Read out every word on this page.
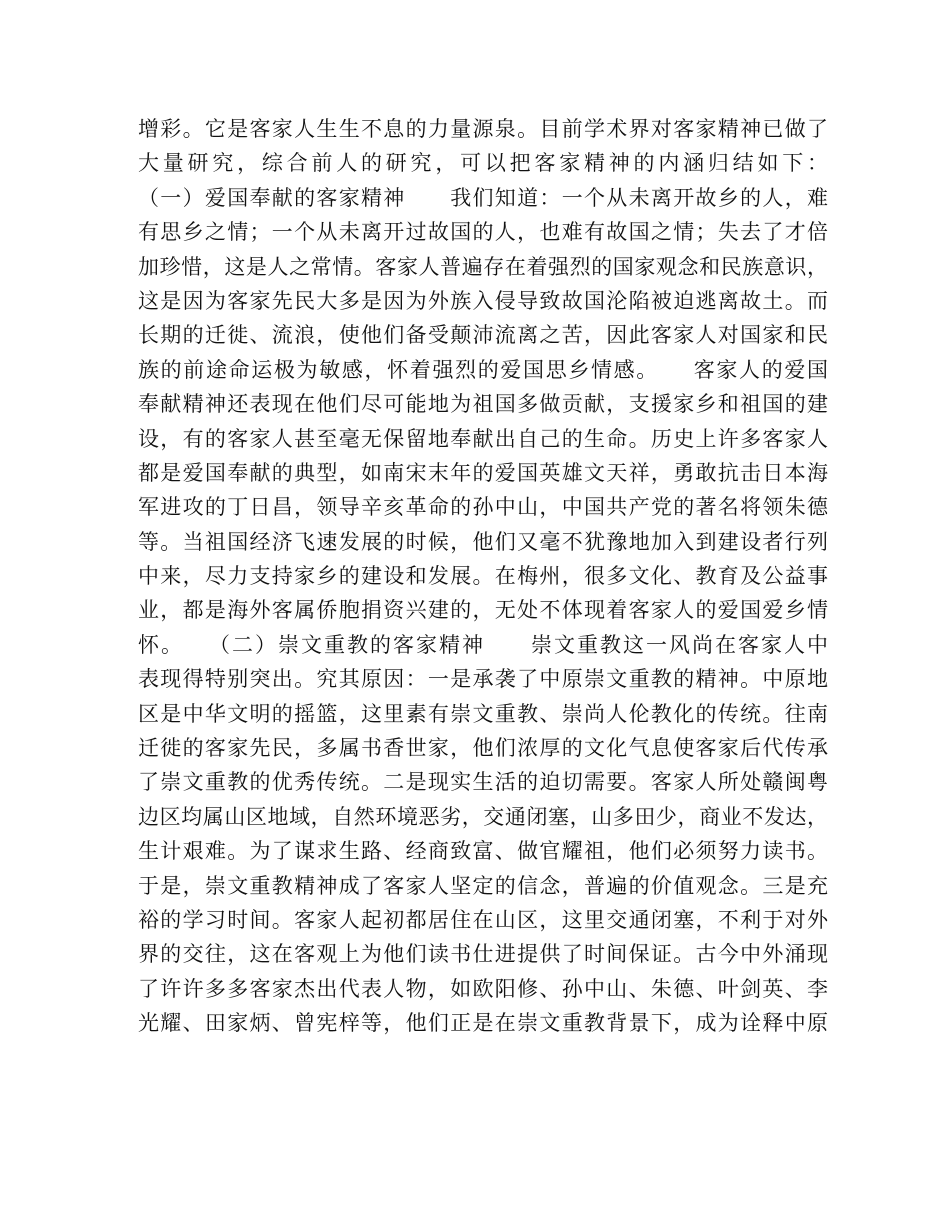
增彩。它是客家人生生不息的力量源泉。目前学术界对客家精神已做了
大量研究，综合前人的研究，可以把客家精神的内涵归结如下：
（一）爱国奉献的客家精神　　我们知道：一个从未离开故乡的人，难
有思乡之情；一个从未离开过故国的人，也难有故国之情；失去了才倍
加珍惜，这是人之常情。客家人普遍存在着强烈的国家观念和民族意识，
这是因为客家先民大多是因为外族入侵导致故国沦陷被迫逃离故土。而
长期的迁徙、流浪，使他们备受颠沛流离之苦，因此客家人对国家和民
族的前途命运极为敏感，怀着强烈的爱国思乡情感。　　客家人的爱国
奉献精神还表现在他们尽可能地为祖国多做贡献，支援家乡和祖国的建
设，有的客家人甚至毫无保留地奉献出自己的生命。历史上许多客家人
都是爱国奉献的典型，如南宋末年的爱国英雄文天祥，勇敢抗击日本海
军进攻的丁日昌，领导辛亥革命的孙中山，中国共产党的著名将领朱德
等。当祖国经济飞速发展的时候，他们又毫不犹豫地加入到建设者行列
中来，尽力支持家乡的建设和发展。在梅州，很多文化、教育及公益事
业，都是海外客属侨胞捐资兴建的，无处不体现着客家人的爱国爱乡情
怀。　　（二）崇文重教的客家精神　　崇文重教这一风尚在客家人中
表现得特别突出。究其原因：一是承袭了中原崇文重教的精神。中原地
区是中华文明的摇篮，这里素有崇文重教、崇尚人伦教化的传统。往南
迁徙的客家先民，多属书香世家，他们浓厚的文化气息使客家后代传承
了崇文重教的优秀传统。二是现实生活的迫切需要。客家人所处赣闽粤
边区均属山区地域，自然环境恶劣，交通闭塞，山多田少，商业不发达，
生计艰难。为了谋求生路、经商致富、做官耀祖，他们必须努力读书。
于是，崇文重教精神成了客家人坚定的信念，普遍的价值观念。三是充
裕的学习时间。客家人起初都居住在山区，这里交通闭塞，不利于对外
界的交往，这在客观上为他们读书仕进提供了时间保证。古今中外涌现
了许许多多客家杰出代表人物，如欧阳修、孙中山、朱德、叶剑英、李
光耀、田家炳、曾宪梓等，他们正是在崇文重教背景下，成为诠释中原
